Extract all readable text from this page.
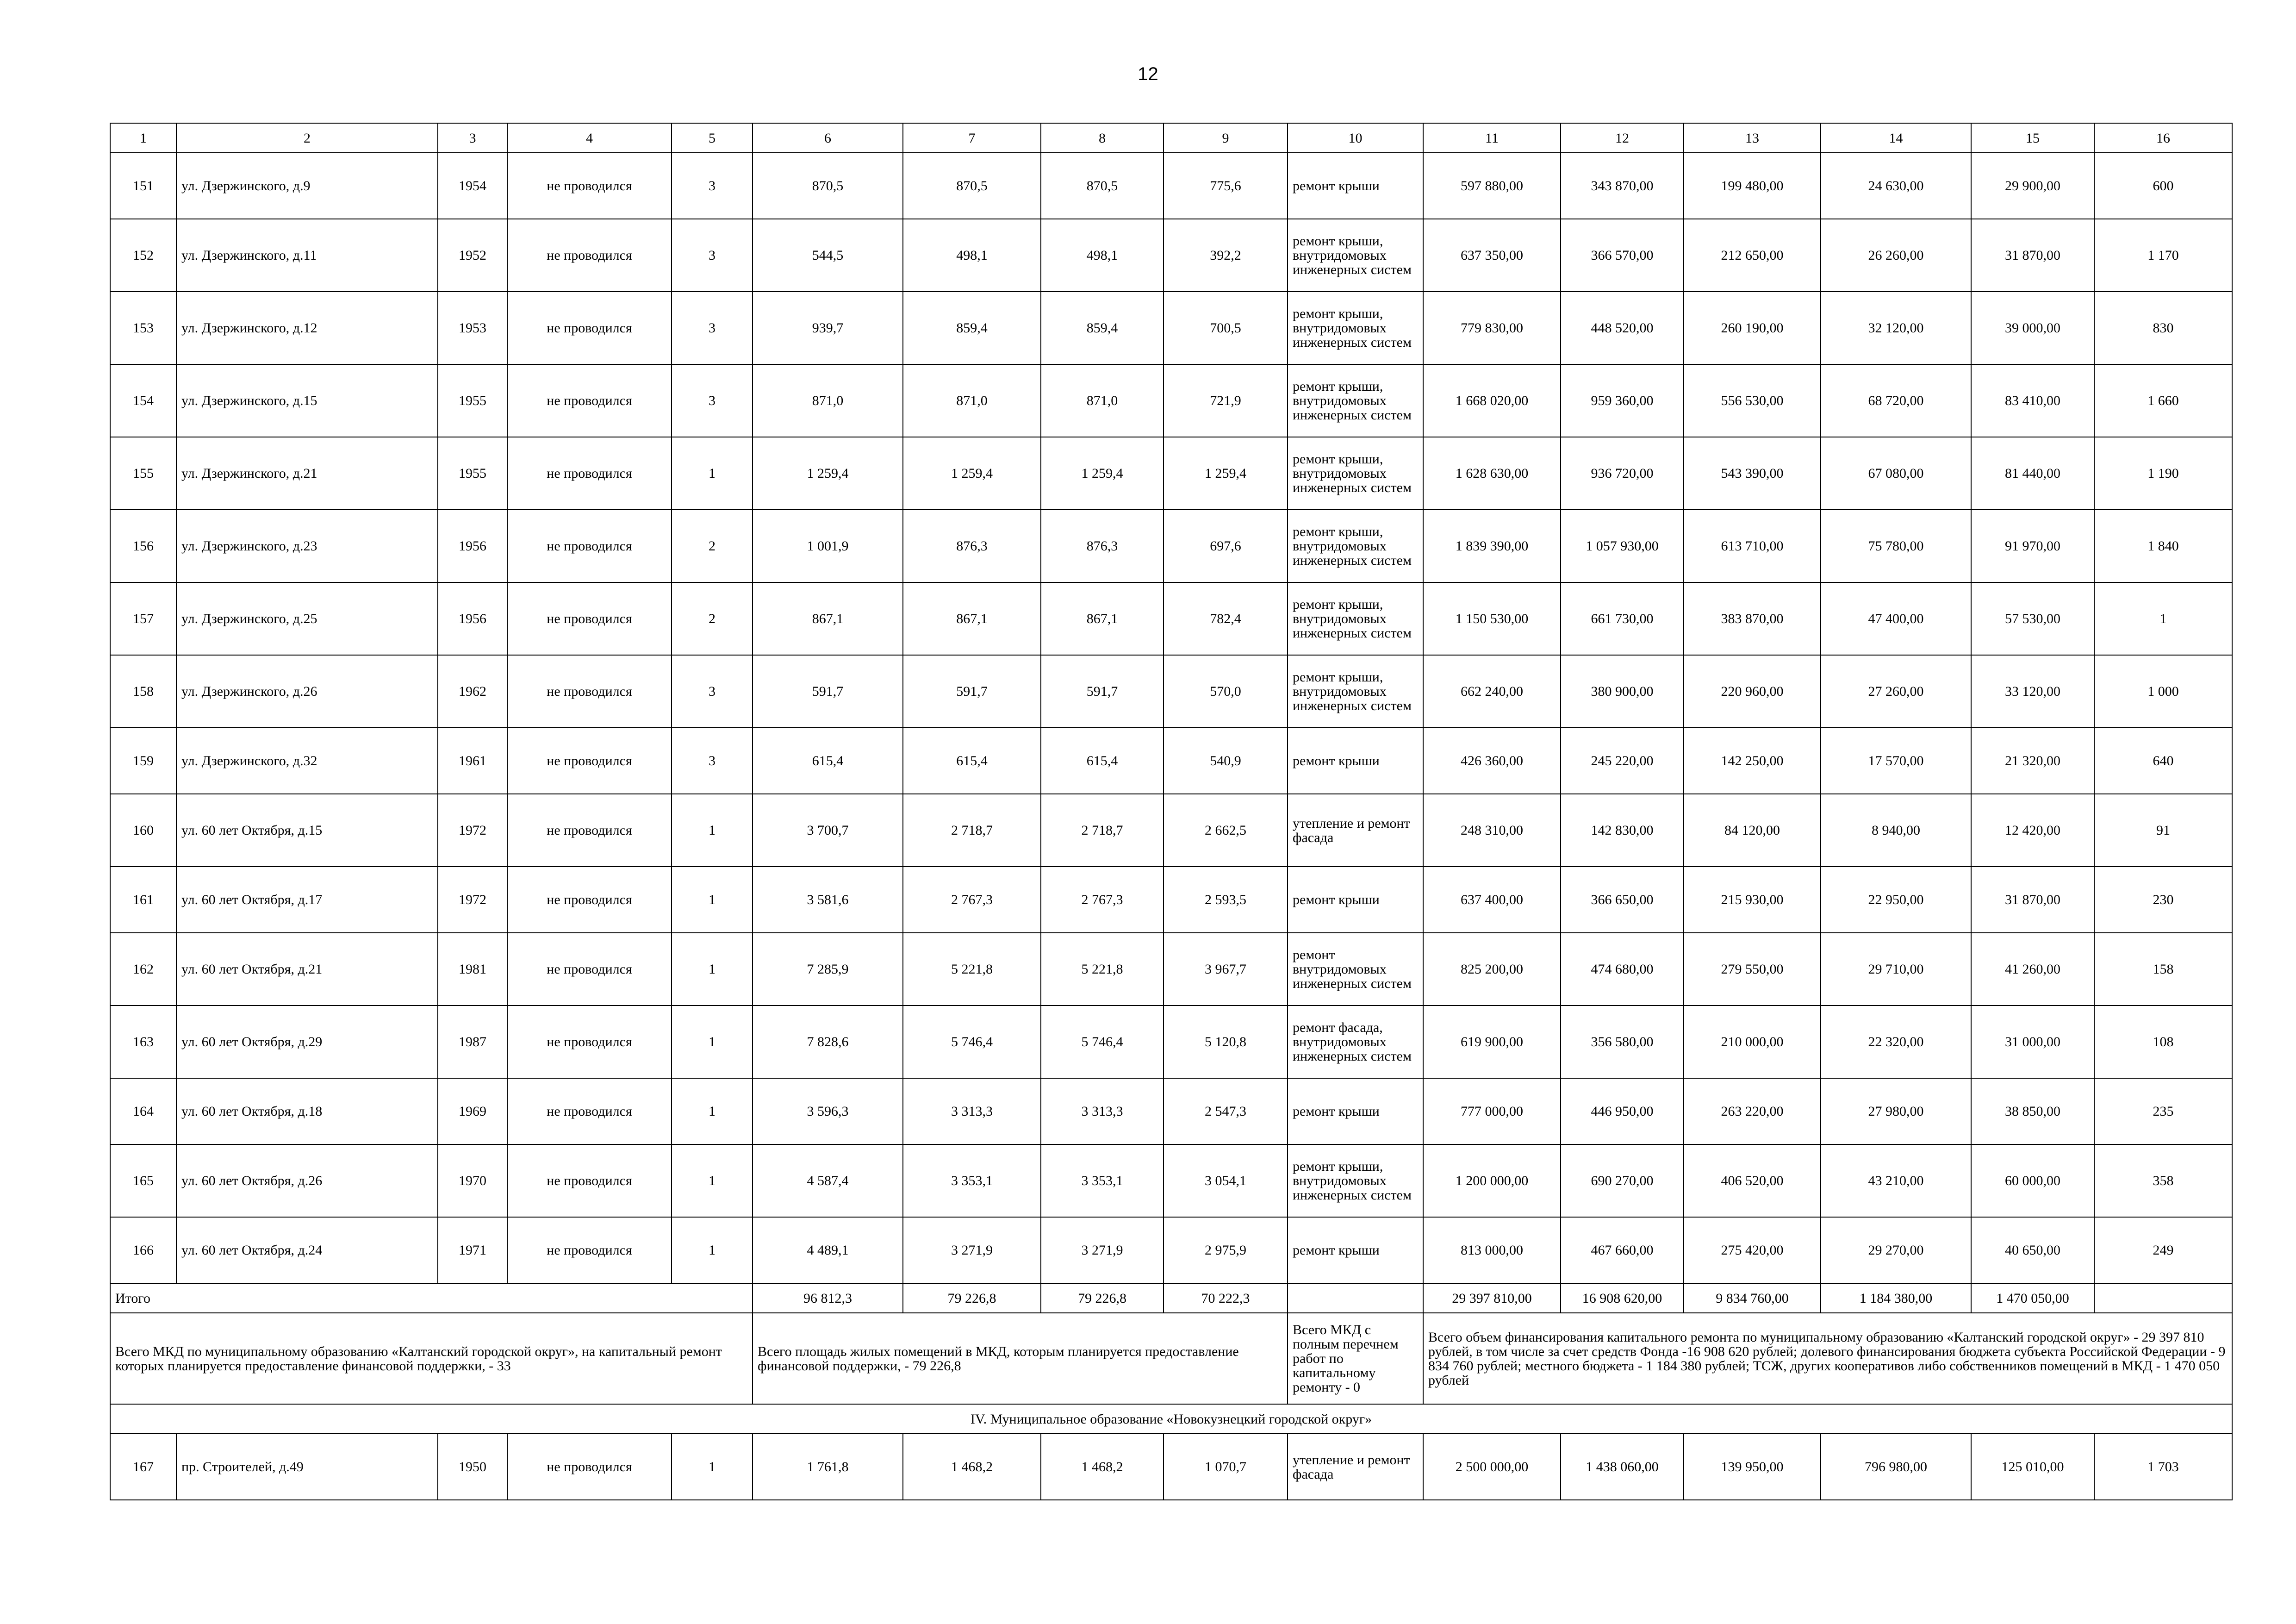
12
1	2	3	4	5	6	7	8	9	10	11	12	13	14	15	16
151	ул. Дзержинского, д.9	1954	не проводился	3	870,5	870,5	870,5	775,6	ремонт крыши	597 880,00	343 870,00	199 480,00	24 630,00	29 900,00	600
152	ул. Дзержинского, д.11	1952	не проводился	3	544,5	498,1	498,1	392,2	ремонт крыши, внутридомовых инженерных систем	637 350,00	366 570,00	212 650,00	26 260,00	31 870,00	1 170
153	ул. Дзержинского, д.12	1953	не проводился	3	939,7	859,4	859,4	700,5	ремонт крыши, внутридомовых инженерных систем	779 830,00	448 520,00	260 190,00	32 120,00	39 000,00	830
154	ул. Дзержинского, д.15	1955	не проводился	3	871,0	871,0	871,0	721,9	ремонт крыши, внутридомовых инженерных систем	1 668 020,00	959 360,00	556 530,00	68 720,00	83 410,00	1 660
155	ул. Дзержинского, д.21	1955	не проводился	1	1 259,4	1 259,4	1 259,4	1 259,4	ремонт крыши, внутридомовых инженерных систем	1 628 630,00	936 720,00	543 390,00	67 080,00	81 440,00	1 190
156	ул. Дзержинского, д.23	1956	не проводился	2	1 001,9	876,3	876,3	697,6	ремонт крыши, внутридомовых инженерных систем	1 839 390,00	1 057 930,00	613 710,00	75 780,00	91 970,00	1 840
157	ул. Дзержинского, д.25	1956	не проводился	2	867,1	867,1	867,1	782,4	ремонт крыши, внутридомовых инженерных систем	1 150 530,00	661 730,00	383 870,00	47 400,00	57 530,00	1
158	ул. Дзержинского, д.26	1962	не проводился	3	591,7	591,7	591,7	570,0	ремонт крыши, внутридомовых инженерных систем	662 240,00	380 900,00	220 960,00	27 260,00	33 120,00	1 000
159	ул. Дзержинского, д.32	1961	не проводился	3	615,4	615,4	615,4	540,9	ремонт крыши	426 360,00	245 220,00	142 250,00	17 570,00	21 320,00	640
160	ул. 60 лет Октября, д.15	1972	не проводился	1	3 700,7	2 718,7	2 718,7	2 662,5	утепление и ремонт фасада	248 310,00	142 830,00	84 120,00	8 940,00	12 420,00	91
161	ул. 60 лет Октября, д.17	1972	не проводился	1	3 581,6	2 767,3	2 767,3	2 593,5	ремонт крыши	637 400,00	366 650,00	215 930,00	22 950,00	31 870,00	230
162	ул. 60 лет Октября, д.21	1981	не проводился	1	7 285,9	5 221,8	5 221,8	3 967,7	ремонт внутридомовых инженерных систем	825 200,00	474 680,00	279 550,00	29 710,00	41 260,00	158
163	ул. 60 лет Октября, д.29	1987	не проводился	1	7 828,6	5 746,4	5 746,4	5 120,8	ремонт фасада, внутридомовых инженерных систем	619 900,00	356 580,00	210 000,00	22 320,00	31 000,00	108
164	ул. 60 лет Октября, д.18	1969	не проводился	1	3 596,3	3 313,3	3 313,3	2 547,3	ремонт крыши	777 000,00	446 950,00	263 220,00	27 980,00	38 850,00	235
165	ул. 60 лет Октября, д.26	1970	не проводился	1	4 587,4	3 353,1	3 353,1	3 054,1	ремонт крыши, внутридомовых инженерных систем	1 200 000,00	690 270,00	406 520,00	43 210,00	60 000,00	358
166	ул. 60 лет Октября, д.24	1971	не проводился	1	4 489,1	3 271,9	3 271,9	2 975,9	ремонт крыши	813 000,00	467 660,00	275 420,00	29 270,00	40 650,00	249
Итого					96 812,3	79 226,8	79 226,8	70 222,3		29 397 810,00	16 908 620,00	9 834 760,00	1 184 380,00	1 470 050,00	
Всего МКД по муниципальному образованию «Калтанский городской округ», на капитальный ремонт которых планируется предоставление финансовой поддержки, - 33					Всего площадь жилых помещений в МКД, которым планируется предоставление финансовой поддержки, - 79 226,8				Всего МКД с полным перечнем работ по капитальному ремонту - 0	Всего объем финансирования капитального ремонта по муниципальному образованию «Калтанский городской округ» - 29 397 810 рублей, в том числе за счет средств Фонда -16 908 620 рублей; долевого финансирования бюджета субъекта Российской Федерации - 9 834 760 рублей; местного бюджета - 1 184 380 рублей; ТСЖ, других кооперативов либо собственников помещений в МКД - 1 470 050 рублей					
IV. Муниципальное образование «Новокузнецкий городской округ»															
167	пр. Строителей, д.49	1950	не проводился	1	1 761,8	1 468,2	1 468,2	1 070,7	утепление и ремонт фасада	2 500 000,00	1 438 060,00	139 950,00	796 980,00	125 010,00	1 703
